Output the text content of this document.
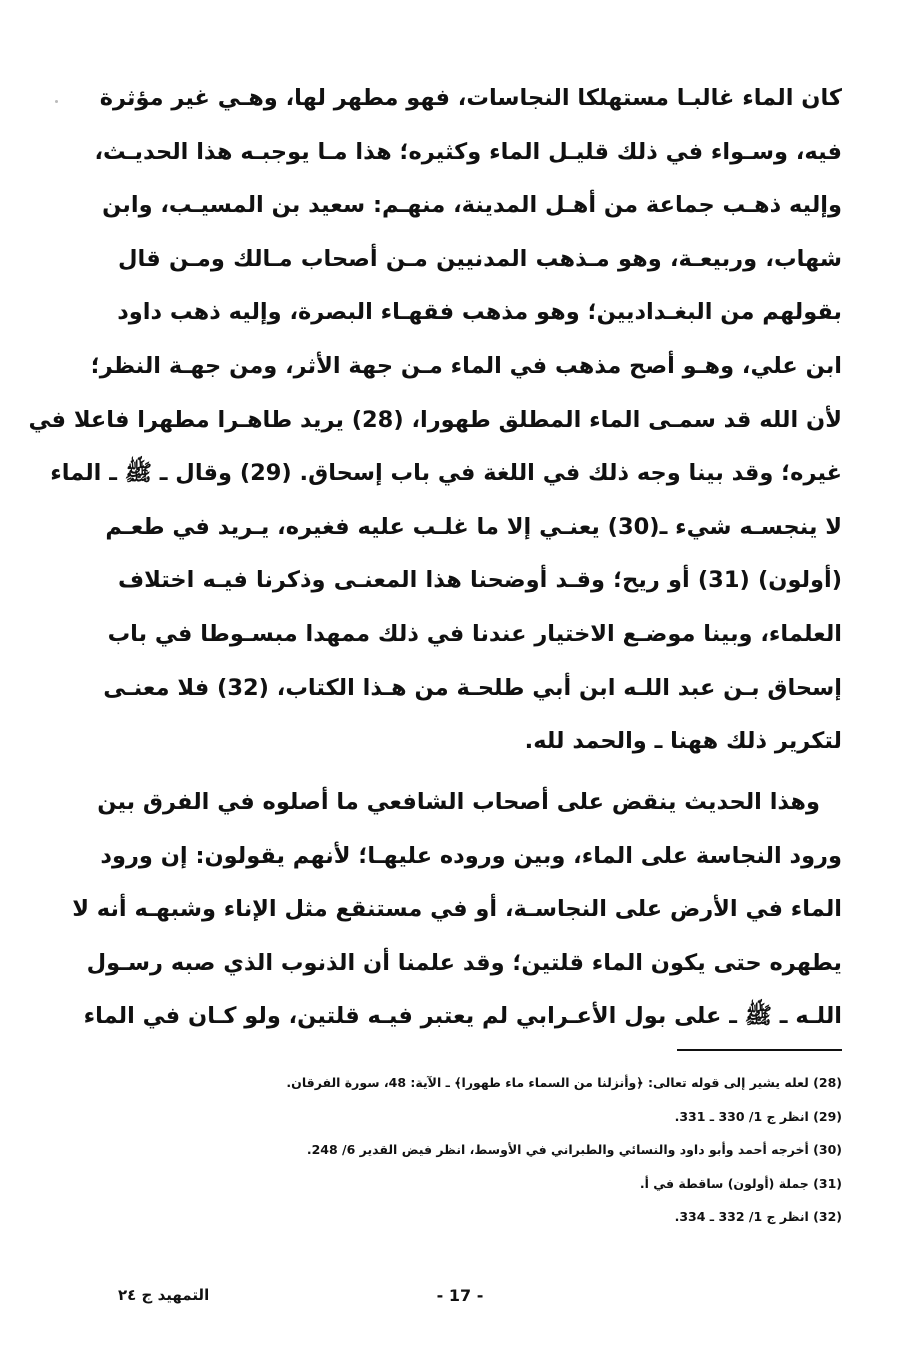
كان الماء غالبـا مستهلكا النجاسات، فهو مطهر لها، وهـي غير مؤثرة
فيه، وسـواء في ذلك قليـل الماء وكثيره؛ هذا مـا يوجبـه هذا الحديـث،
وإليه ذهـب جماعة من أهـل المدينة، منهـم: سعيد بن المسيـب، وابن
شهاب، وربيعـة، وهو مـذهب المدنيين مـن أصحاب مـالك ومـن قال
بقولهم من البغـداديين؛ وهو مذهب فقهـاء البصرة، وإليه ذهب داود
ابن علي، وهـو أصح مذهب في الماء مـن جهة الأثر، ومن جهـة النظر؛
لأن الله قد سمـى الماء المطلق طهورا، (28) يريد طاهـرا مطهرا فاعلا في
غيره؛ وقد بينا وجه ذلك في اللغة في باب إسحاق. (29) وقال ـ ﷺ ـ الماء
لا ينجسـه شيء ـ(30) يعنـي إلا ما غلـب عليه فغيره، يـريد في طعـم
(أولون) (31) أو ريح؛ وقـد أوضحنا هذا المعنـى وذكرنا فيـه اختلاف
العلماء، وبينا موضـع الاختيار عندنا في ذلك ممهدا مبسـوطا في باب
إسحاق بـن عبد اللـه ابن أبي طلحـة من هـذا الكتاب، (32) فلا معنـى
لتكرير ذلك ههنا ـ والحمد لله.
وهذا الحديث ينقض على أصحاب الشافعي ما أصلوه في الفرق بين
ورود النجاسة على الماء، وبين وروده عليهـا؛ لأنهم يقولون: إن ورود
الماء في الأرض على النجاسـة، أو في مستنقع مثل الإناء وشبهـه أنه لا
يطهره حتى يكون الماء قلتين؛ وقد علمنا أن الذنوب الذي صبه رسـول
اللـه ـ ﷺ ـ على بول الأعـرابي لم يعتبر فيـه قلتين، ولو كـان في الماء
(28) لعله يشير إلى قوله تعالى: ﴿وأنزلنا من السماء ماء طهورا﴾ ـ الآية: 48، سورة الفرقان.
(29) انظر ج 1/ 330 ـ 331.
(30) أخرجه أحمد وأبو داود والنسائي والطبراني في الأوسط، انظر فيض القدير 6/ 248.
(31) جملة (أولون) ساقطة في أ.
(32) انظر ج 1/ 332 ـ 334.
- 17 -
التمهيد ج ٢٤
